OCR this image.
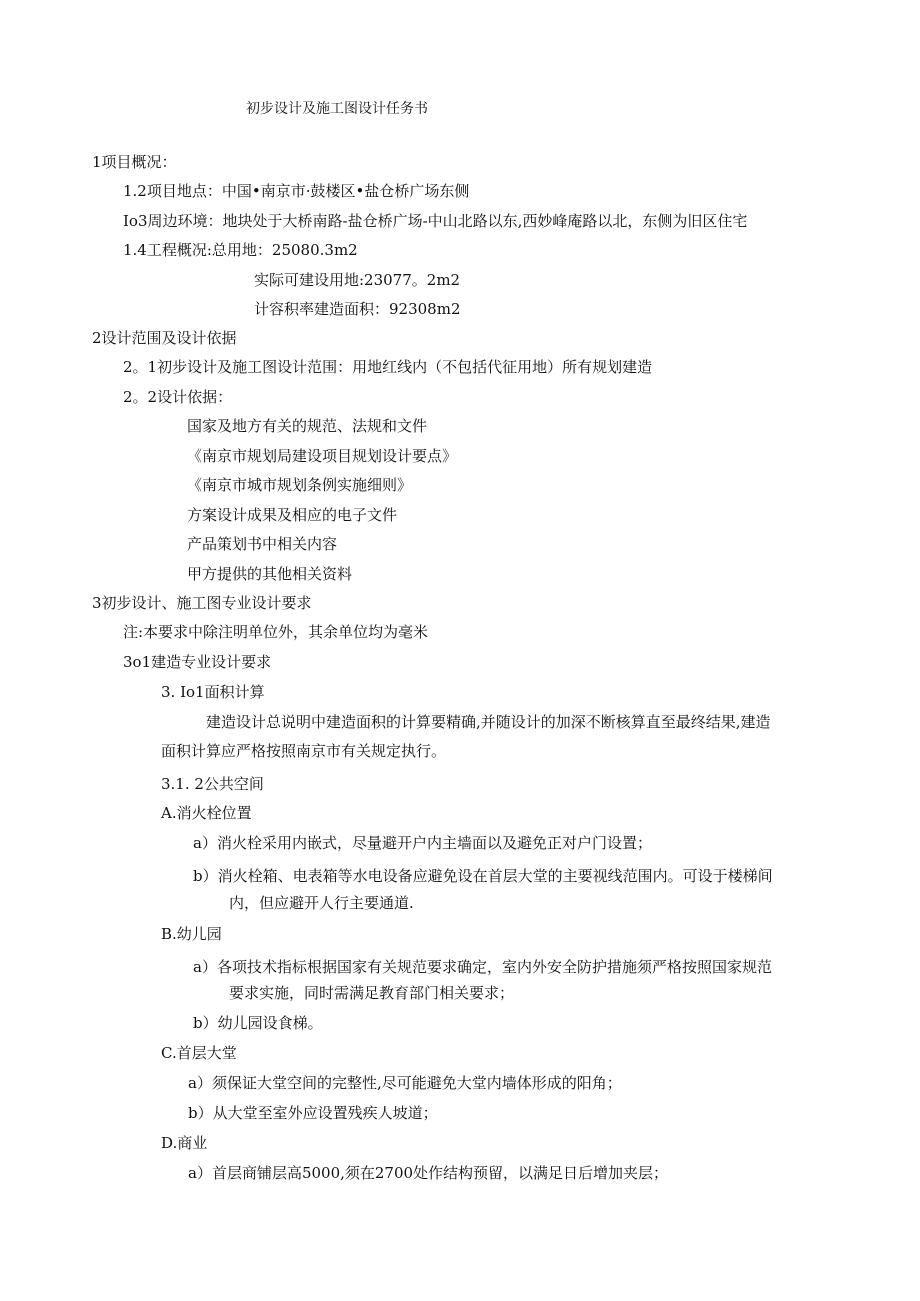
初步设计及施工图设计任务书
1项目概况：
1.2项目地点：中国•南京市·鼓楼区•盐仓桥广场东侧
Io3周边环境：地块处于大桥南路-盐仓桥广场-中山北路以东,西妙峰庵路以北，东侧为旧区住宅
1.4工程概况:总用地：25080.3m2
实际可建设用地:23077。2m2
计容积率建造面积：92308m2
2设计范围及设计依据
2。1初步设计及施工图设计范围：用地红线内（不包括代征用地）所有规划建造
2。2设计依据：
国家及地方有关的规范、法规和文件
《南京市规划局建设项目规划设计要点》
《南京市城市规划条例实施细则》
方案设计成果及相应的电子文件
产品策划书中相关内容
甲方提供的其他相关资料
3初步设计、施工图专业设计要求
注:本要求中除注明单位外，其余单位均为毫米
3o1建造专业设计要求
3. Io1面积计算
建造设计总说明中建造面积的计算要精确,并随设计的加深不断核算直至最终结果,建造
面积计算应严格按照南京市有关规定执行。
3.1. 2公共空间
A.消火栓位置
a）消火栓采用内嵌式，尽量避开户内主墙面以及避免正对户门设置；
b）消火栓箱、电表箱等水电设备应避免设在首层大堂的主要视线范围内。可设于楼梯间
内，但应避开人行主要通道.
B.幼儿园
a）各项技术指标根据国家有关规范要求确定，室内外安全防护措施须严格按照国家规范
要求实施，同时需满足教育部门相关要求；
b）幼儿园设食梯。
C.首层大堂
a）须保证大堂空间的完整性,尽可能避免大堂内墙体形成的阳角；
b）从大堂至室外应设置残疾人坡道；
D.商业
a）首层商铺层高5000,须在2700处作结构预留，以满足日后增加夹层；
